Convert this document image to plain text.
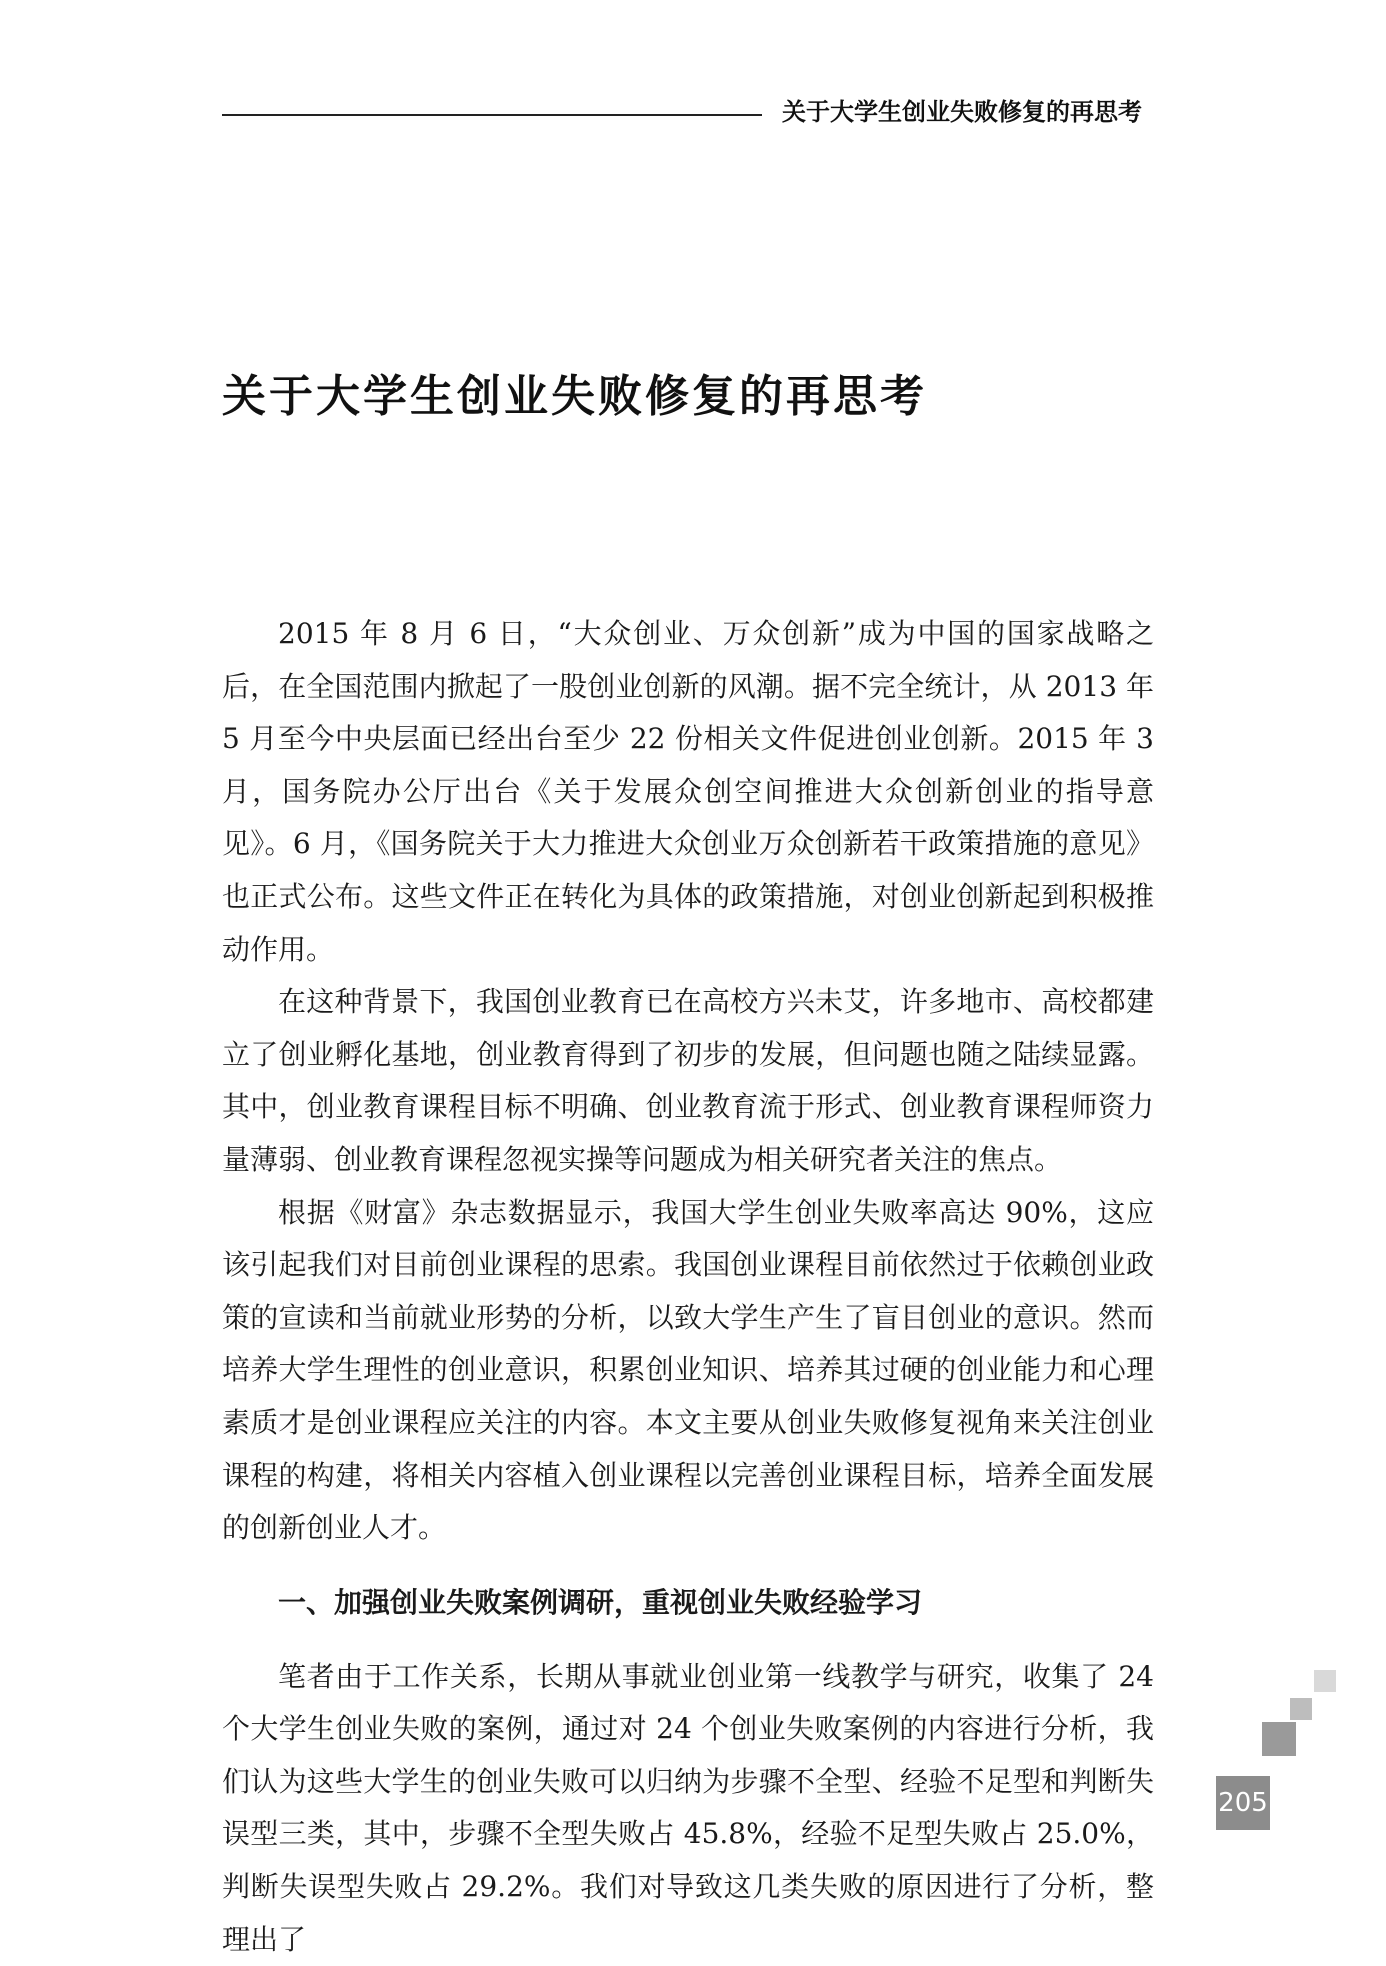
关于大学生创业失败修复的再思考
关于大学生创业失败修复的再思考

2015 年 8 月 6 日，“大众创业、万众创新”成为中国的国家战略之后，在全国范围内掀起了一股创业创新的风潮。据不完全统计，从 2013 年 5 月至今中央层面已经出台至少 22 份相关文件促进创业创新。2015 年 3 月，国务院办公厅出台《关于发展众创空间推进大众创新创业的指导意见》。6 月，《国务院关于大力推进大众创业万众创新若干政策措施的意见》也正式公布。这些文件正在转化为具体的政策措施，对创业创新起到积极推动作用。

在这种背景下，我国创业教育已在高校方兴未艾，许多地市、高校都建立了创业孵化基地，创业教育得到了初步的发展，但问题也随之陆续显露。其中，创业教育课程目标不明确、创业教育流于形式、创业教育课程师资力量薄弱、创业教育课程忽视实操等问题成为相关研究者关注的焦点。

根据《财富》杂志数据显示，我国大学生创业失败率高达 90%，这应该引起我们对目前创业课程的思索。我国创业课程目前依然过于依赖创业政策的宣读和当前就业形势的分析，以致大学生产生了盲目创业的意识。然而培养大学生理性的创业意识，积累创业知识、培养其过硬的创业能力和心理素质才是创业课程应关注的内容。本文主要从创业失败修复视角来关注创业课程的构建，将相关内容植入创业课程以完善创业课程目标，培养全面发展的创新创业人才。

一、加强创业失败案例调研，重视创业失败经验学习

笔者由于工作关系，长期从事就业创业第一线教学与研究，收集了 24 个大学生创业失败的案例，通过对 24 个创业失败案例的内容进行分析，我们认为这些大学生的创业失败可以归纳为步骤不全型、经验不足型和判断失误型三类，其中，步骤不全型失败占 45.8%，经验不足型失败占 25.0%，判断失误型失败占 29.2%。我们对导致这几类失败的原因进行了分析，整理出了

205
